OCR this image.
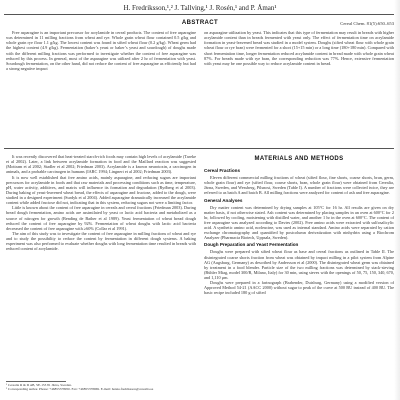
H. Fredriksson,¹,² J. Tallving,¹ J. Rosén,¹ and P. Åman¹
ABSTRACT	Cereal Chem. 81(5):650–653

Free asparagine is an important precursor for acrylamide in cereal products. The content of free asparagine was determined in 11 milling fractions from wheat and rye. Whole grain wheat flour contained 0.5 g/kg and whole grain rye flour 1.1 g/kg. The lowest content was found in sifted wheat flour (0.2 g/kg). Wheat germ had the highest content (4.9 g/kg). Fermentation (baker’s yeast or baker’s yeast and sourdough) of doughs made with the different milling fractions was performed to investigate whether the content of free asparagine was reduced by this process. In general, most of the asparagine was utilized after 2 hr of fermentation with yeast. Sourdough fermentation, on the other hand, did not reduce the content of free asparagine as efficiently but had a strong negative impact

on asparagine utilization by yeast. This indicates that this type of fermentation may result in breads with higher acrylamide content than in breads fermented with yeast only. The effect of fermentation time on acrylamide formation in yeast-leavened bread was studied in a model system. Doughs (sifted wheat flour with whole grain wheat flour or rye bran) were fermented for a short (15+15 min) or a long time (180+180 min). Compared with short fermentation time, longer fermentation reduced acrylamide content in bread made with whole grain wheat 87%. For breads made with rye bran, the corresponding reduction was 77%. Hence, extensive fermentation with yeast may be one possible way to reduce acrylamide content in bread.

It was recently discovered that heat-treated starch-rich foods may contain high levels of acrylamide (Tareke et al 2002). Later, a link between acrylamide formation in food and the Maillard reaction was suggested (Mottram et al 2002; Stadler et al 2002; Friedman 2003). Acrylamide is a known neurotoxin, a carcinogen in animals, and a probable carcinogen in humans (IARC 1994; Lingnert et al 2002; Friedman 2003).

It is now well established that free amino acids, mainly asparagine, and reducing sugars are important precursors for acrylamide in foods and that raw materials and processing conditions such as time, temperature, pH, water activity, additives, and matrix will influence its formation and degradation (Rydberg et al 2003). During baking of yeast-leavened wheat bread, the effects of asparagine and fructose, added to the dough, were studied in a designed experiment (Surdyk et al 2004). Added asparagine dramatically increased the acrylamide content while added fructose did not, indicating that in this system, reducing sugars not were a limiting factor.

Little is known about the content of free asparagine in cereals and cereal fractions (Friedman 2003). During bread dough fermentation, amino acids are assimilated by yeast or lactic acid bacteria and metabolized as a source of nitrogen for growth (Bending de Bather et al 1989). Yeast fermentation of wheat bread dough reduced the content of free asparagine by 92%. Fermentation of wheat doughs with lactic acid bacteria decreased the content of free asparagine with ≥60% (Collar et al 1991).

The aim of this study was to investigate the content of free asparagine in milling fractions of wheat and rye and to study the possibility to reduce the content by fermentation in different dough systems. A baking experiment was also performed to evaluate whether doughs with long fermentation time resulted in breads with reduced content of acrylamide.

¹ Cerealia R & D AB, SE-153 81 Järna, Sweden.
² Corresponding author. Phone: +46855378950. Fax: +46855378969. E-mail: hanna.fredriksson@cerealia.se
MATERIALS AND METHODS
Cereal Fractions

Eleven different commercial milling fractions of wheat (sifted flour, fine shorts, coarse shorts, bran, germ, whole grain flour) and rye (sifted flour, coarse shorts, bran, whole grain flour) were obtained from Cerealia, Järna, Sweden, and Wessberg, Pilsnost, Sweden (Table I). A number of fractions were collected twice, they are referred to as batch A and batch B. All milling fractions were analyzed for content of ash and free asparagine.

General Analyses

Dry matter content was determined by drying samples at 105°C for 16 hr. All results are given on dry matter basis, if not otherwise stated. Ash content was determined by placing samples in an oven at 600°C for 2 hr, followed by cooling, moistening with distilled water, and another 1 hr in the oven at 600°C. The content of free asparagine was analyzed according to Davies (2002). Free amino acids were extracted with sulfosalicylic acid. A synthetic amino acid, norleucine, was used as internal standard. Amino acids were separated by cation exchange chromatography and quantified by postcolumn derivatization with ninhydrin using a Biochrom Analyzer (Pharmacia Biotech, Uppsala, Sweden).

Dough Preparation and Yeast Fermentation

Doughs were prepared with sifted wheat flour as base and cereal fractions as outlined in Table II. The disintegrated coarse shorts fraction from wheat was obtained by impact milling in a pilot system from Alpine AG (Augsburg, Germany) as described by Andersson et al (2000). The disintegrated wheat germ was obtained by treatment in a food blender. Particle size of the two milling fractions was determined by stack-sieving (Bühler Miag, model 300/B, Milano, Italy) for 30 min, using sieves with the openings of 50, 75, 150, 340, 670, and 1,110 µm.

Doughs were prepared in a farinograph (Brabender, Duisburg, Germany) using a modified version of Approved Method 54-21 (AACC 2000) without sugar to peak of the curve at 500 BU instead of 400 BU. The basic recipe included 180 g of sifted
